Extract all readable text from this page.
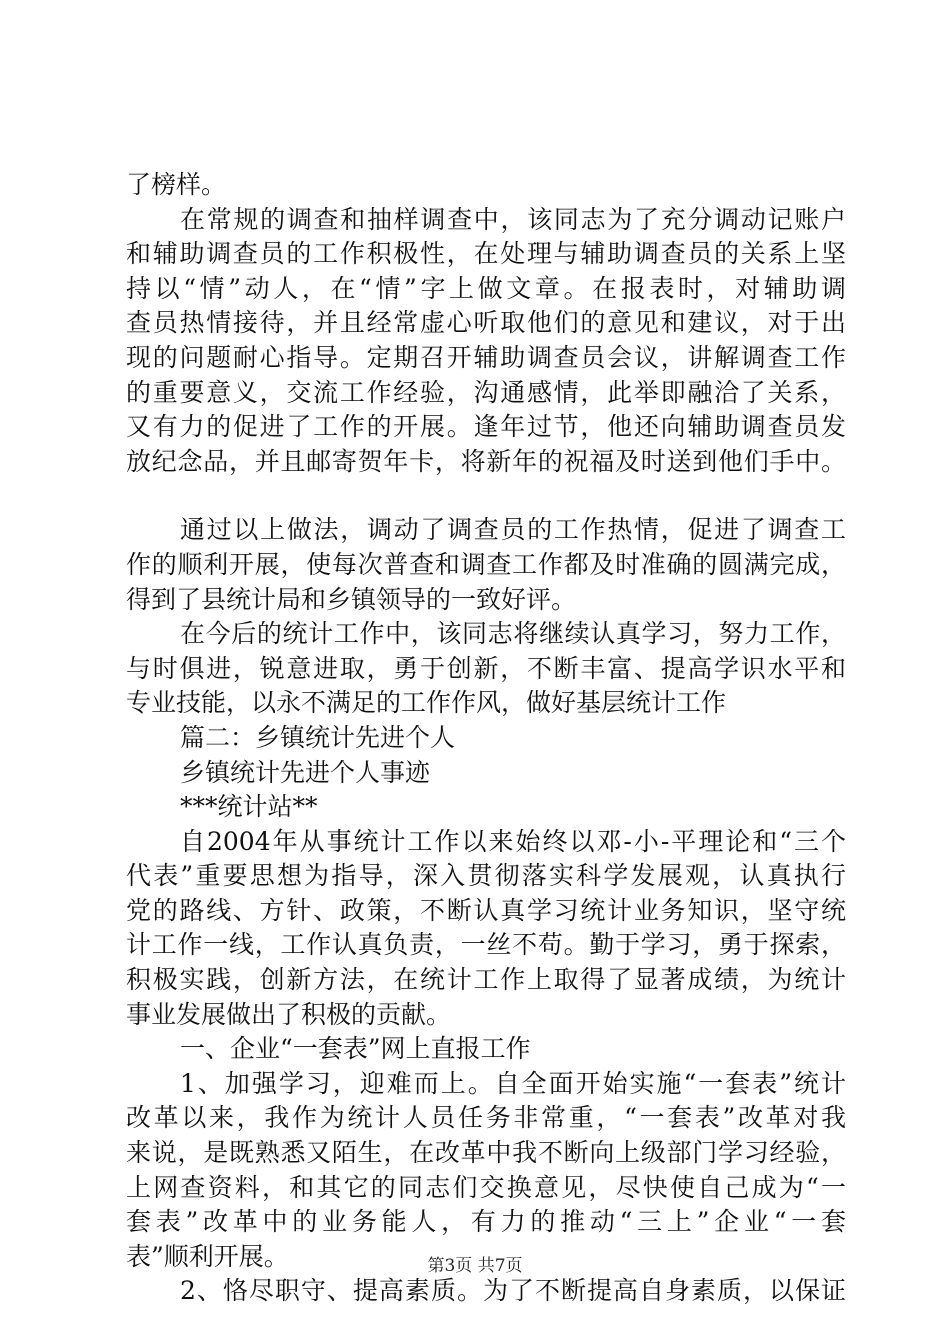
了榜样。
在常规的调查和抽样调查中，该同志为了充分调动记账户
和辅助调查员的工作积极性，在处理与辅助调查员的关系上坚
持以“情”动人，在“情”字上做文章。在报表时，对辅助调
查员热情接待，并且经常虚心听取他们的意见和建议，对于出
现的问题耐心指导。定期召开辅助调查员会议，讲解调查工作
的重要意义，交流工作经验，沟通感情，此举即融洽了关系，
又有力的促进了工作的开展。逢年过节，他还向辅助调查员发
放纪念品，并且邮寄贺年卡，将新年的祝福及时送到他们手中。
通过以上做法，调动了调查员的工作热情，促进了调查工
作的顺利开展，使每次普查和调查工作都及时准确的圆满完成，
得到了县统计局和乡镇领导的一致好评。
在今后的统计工作中，该同志将继续认真学习，努力工作，
与时俱进，锐意进取，勇于创新，不断丰富、提高学识水平和
专业技能，以永不满足的工作作风，做好基层统计工作
篇二：乡镇统计先进个人
乡镇统计先进个人事迹
***统计站**
自2004年从事统计工作以来始终以邓-小-平理论和“三个
代表”重要思想为指导，深入贯彻落实科学发展观，认真执行
党的路线、方针、政策，不断认真学习统计业务知识，坚守统
计工作一线，工作认真负责，一丝不苟。勤于学习，勇于探索，
积极实践，创新方法，在统计工作上取得了显著成绩，为统计
事业发展做出了积极的贡献。
一、企业“一套表”网上直报工作
1、加强学习，迎难而上。自全面开始实施“一套表”统计
改革以来，我作为统计人员任务非常重，“一套表”改革对我
来说，是既熟悉又陌生，在改革中我不断向上级部门学习经验，
上网查资料，和其它的同志们交换意见，尽快使自己成为“一
套表”改革中的业务能人，有力的推动“三上”企业“一套
表”顺利开展。
2、恪尽职守、提高素质。为了不断提高自身素质，以保证
第3页 共7页
